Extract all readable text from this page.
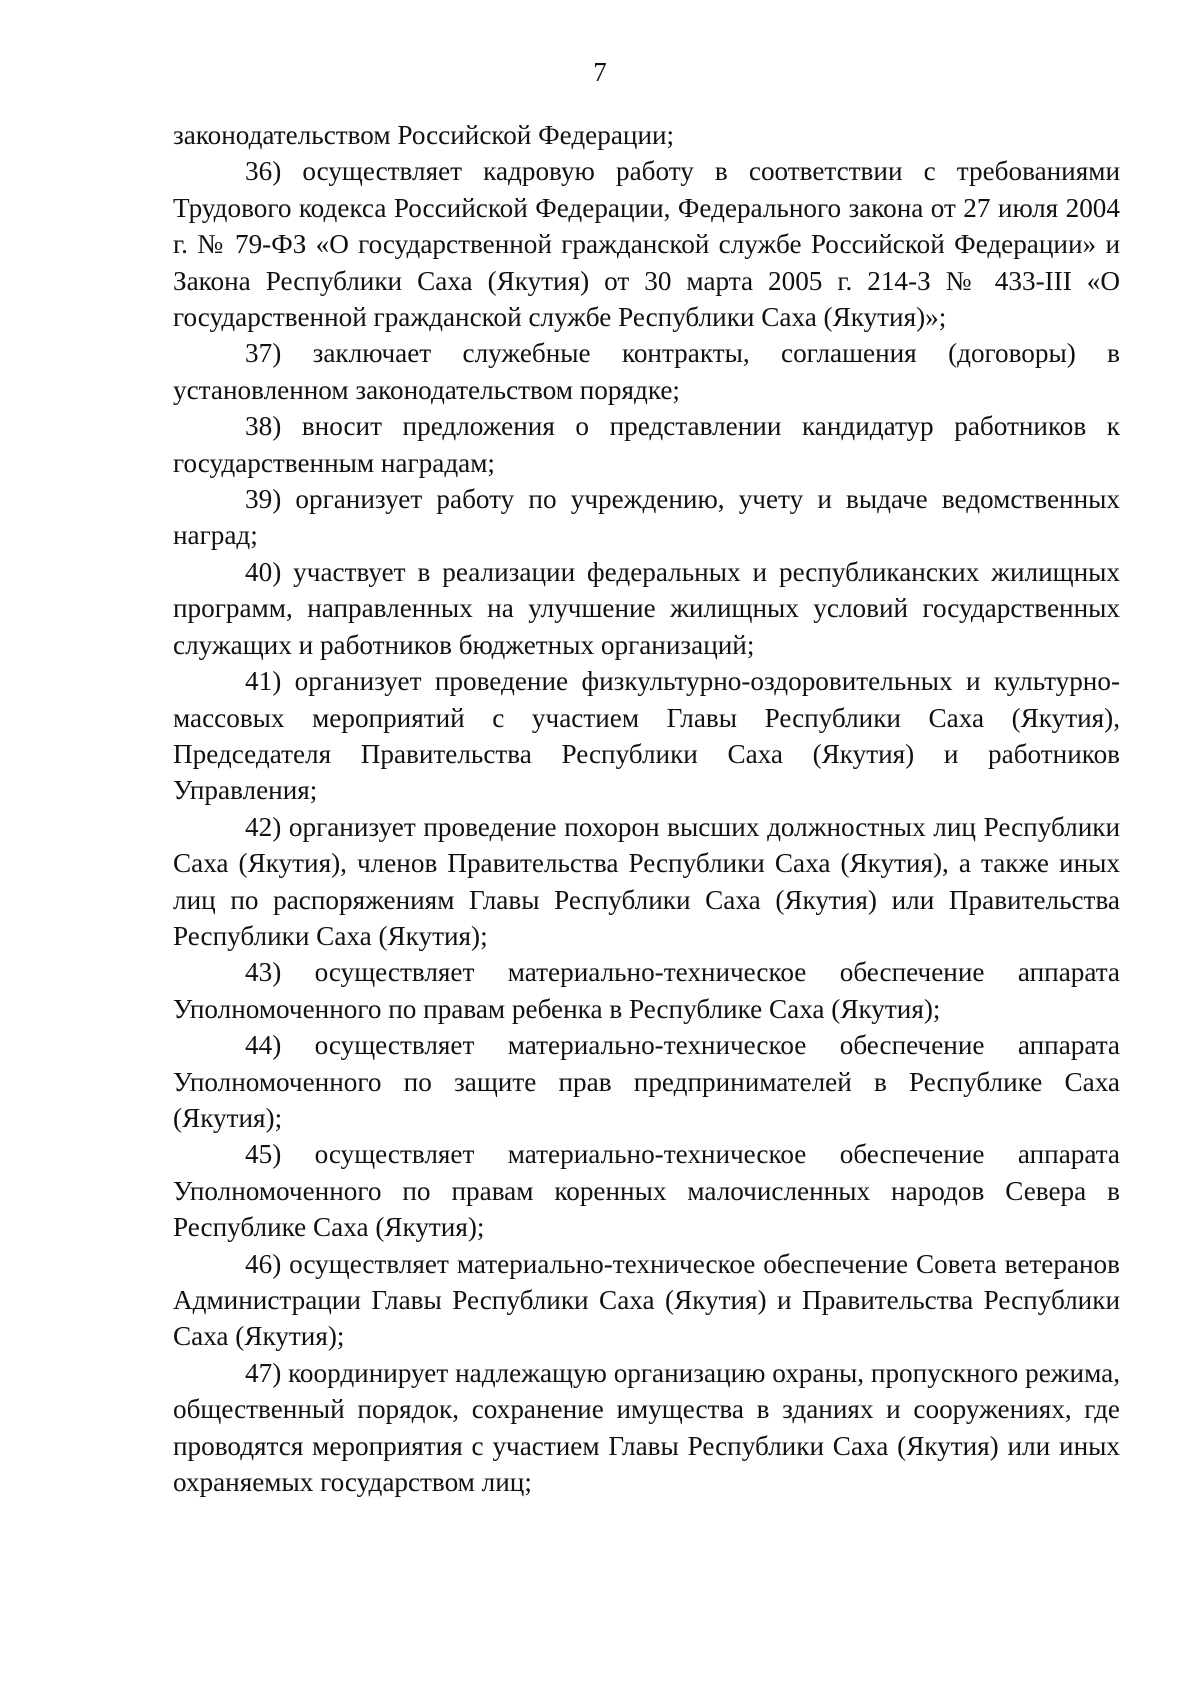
7

законодательством Российской Федерации;

36) осуществляет кадровую работу в соответствии с требованиями Трудового кодекса Российской Федерации, Федерального закона от 27 июля 2004 г. № 79-ФЗ «О государственной гражданской службе Российской Федерации» и Закона Республики Саха (Якутия) от 30 марта 2005 г. 214-З № 433-III «О государственной гражданской службе Республики Саха (Якутия)»;

37) заключает служебные контракты, соглашения (договоры) в установленном законодательством порядке;

38) вносит предложения о представлении кандидатур работников к государственным наградам;

39) организует работу по учреждению, учету и выдаче ведомственных наград;

40) участвует в реализации федеральных и республиканских жилищных программ, направленных на улучшение жилищных условий государственных служащих и работников бюджетных организаций;

41) организует проведение физкультурно-оздоровительных и культурно-массовых мероприятий с участием Главы Республики Саха (Якутия), Председателя Правительства Республики Саха (Якутия) и работников Управления;

42) организует проведение похорон высших должностных лиц Республики Саха (Якутия), членов Правительства Республики Саха (Якутия), а также иных лиц по распоряжениям Главы Республики Саха (Якутия) или Правительства Республики Саха (Якутия);

43) осуществляет материально-техническое обеспечение аппарата Уполномоченного по правам ребенка в Республике Саха (Якутия);

44) осуществляет материально-техническое обеспечение аппарата Уполномоченного по защите прав предпринимателей в Республике Саха (Якутия);

45) осуществляет материально-техническое обеспечение аппарата Уполномоченного по правам коренных малочисленных народов Севера в Республике Саха (Якутия);

46) осуществляет материально-техническое обеспечение Совета ветеранов Администрации Главы Республики Саха (Якутия) и Правительства Республики Саха (Якутия);

47) координирует надлежащую организацию охраны, пропускного режима, общественный порядок, сохранение имущества в зданиях и сооружениях, где проводятся мероприятия с участием Главы Республики Саха (Якутия) или иных охраняемых государством лиц;
